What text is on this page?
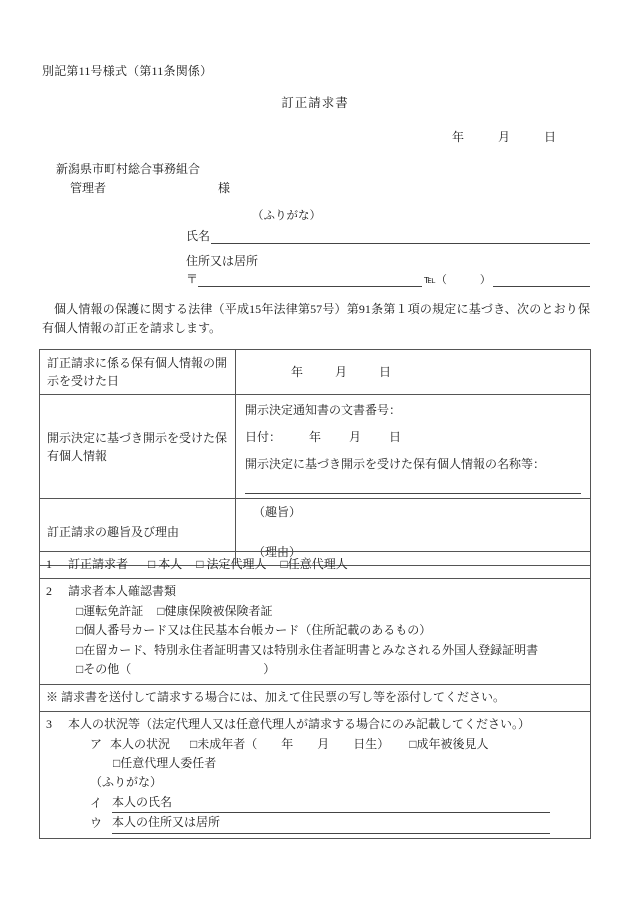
別記第11号様式（第11条関係）
訂正請求書
年	月	日
新潟県市町村総合事務組合
管理者	様
（ふりがな）
氏名
住所又は居所
〒	℡（　　　）
個人情報の保護に関する法律（平成15年法律第57号）第91条第１項の規定に基づき、次のとおり保有個人情報の訂正を請求します。
訂正請求に係る保有個人情報の開示を受けた日	年 月 日
開示決定に基づき開示を受けた保有個人情報	開示決定通知書の文書番号：
日付： 年 月 日
開示決定に基づき開示を受けた保有個人情報の名称等：

訂正請求の趣旨及び理由	（趣旨）
（理由）
1 訂正請求者 □ 本人 □ 法定代理人 □任意代理人

2 請求者本人確認書類
□運転免許証 □健康保険被保険者証
□個人番号カード又は住民基本台帳カード（住所記載のあるもの）
□在留カード、特別永住者証明書又は特別永住者証明書とみなされる外国人登録証明書
□その他（　　　　　　　　　　　）

※ 請求書を送付して請求する場合には、加えて住民票の写し等を添付してください。

3 本人の状況等（法定代理人又は任意代理人が請求する場合にのみ記載してください。）
ア 本人の状況 □未成年者（　　年　　月　　日生） □成年被後見人
□任意代理人委任者
（ふりがな）
イ 本人の氏名
ウ 本人の住所又は居所
